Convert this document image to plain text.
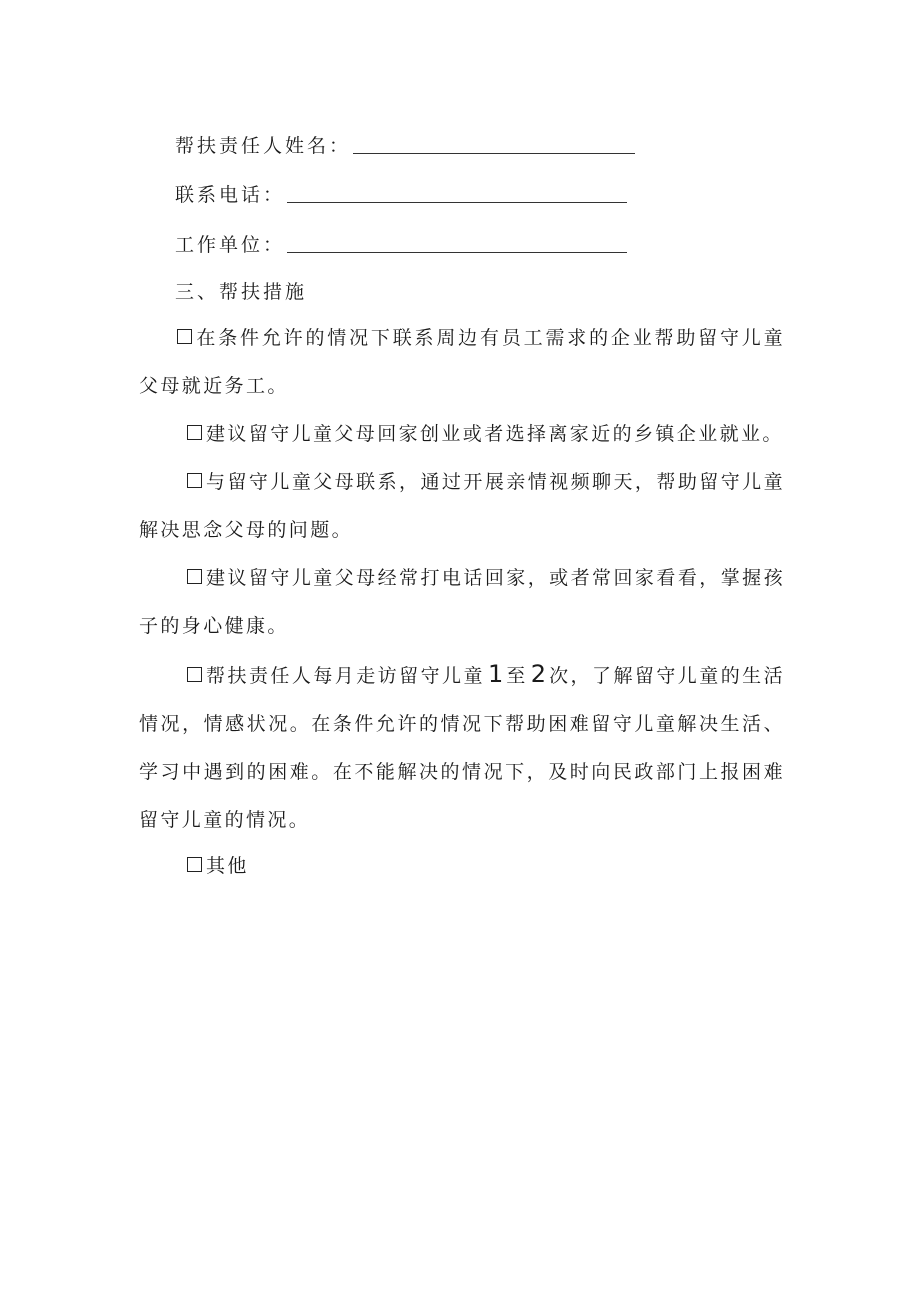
帮扶责任人姓名：
联系电话：
工作单位：
三、帮扶措施
在条件允许的情况下联系周边有员工需求的企业帮助留守儿童父母就近务工。
建议留守儿童父母回家创业或者选择离家近的乡镇企业就业。
与留守儿童父母联系，通过开展亲情视频聊天，帮助留守儿童解决思念父母的问题。
建议留守儿童父母经常打电话回家，或者常回家看看，掌握孩子的身心健康。
帮扶责任人每月走访留守儿童 1 至 2 次，了解留守儿童的生活情况，情感状况。在条件允许的情况下帮助困难留守儿童解决生活、学习中遇到的困难。在不能解决的情况下，及时向民政部门上报困难留守儿童的情况。
其他
